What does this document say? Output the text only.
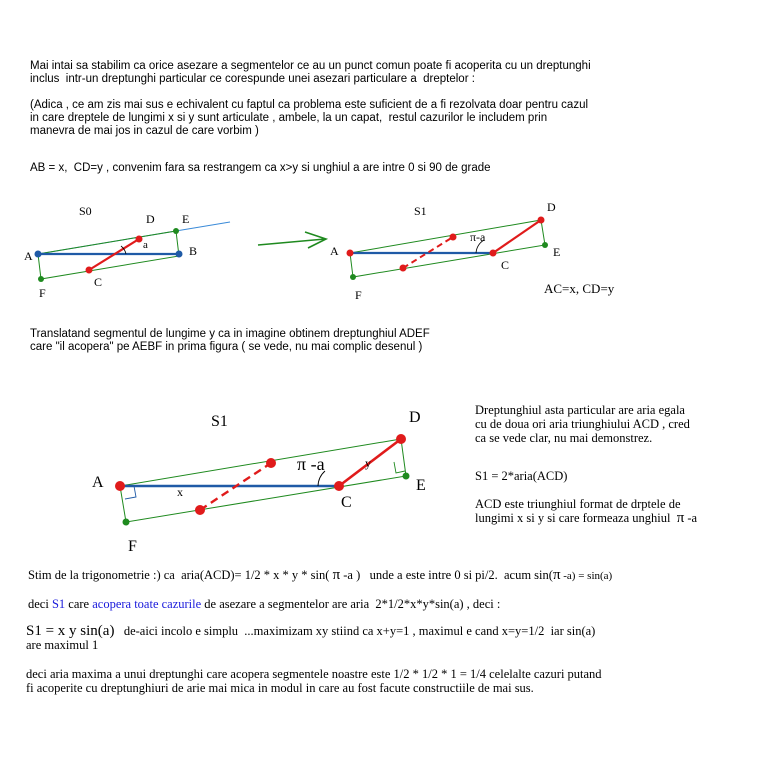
Mai intai sa stabilim ca orice asezare a segmentelor ce au un punct comun poate fi acoperita cu un dreptunghi
inclus  intr-un dreptunghi particular ce corespunde unei asezari particulare a  dreptelor :
(Adica , ce am zis mai sus e echivalent cu faptul ca problema este suficient de a fi rezolvata doar pentru cazul
in care dreptele de lungimi x si y sunt articulate , ambele, la un capat,  restul cazurilor le includem prin
manevra de mai jos in cazul de care vorbim )
AB = x,  CD=y , convenim fara sa restrangem ca x>y si unghiul a are intre 0 si 90 de grade
S0
A	B
C
D E
F
a
S1
A
C
D
E
F
π-a
AC=x, CD=y
Translatand segmentul de lungime y ca in imagine obtinem dreptunghiul ADEF
care "il acopera" pe AEBF in prima figura ( se vede, nu mai complic desenul )
S1
A
C
D
E
F
x
y
π -a
Dreptunghiul asta particular are aria egala
cu de doua ori aria triunghiului ACD , cred
ca se vede clar, nu mai demonstrez.
S1 = 2*aria(ACD)
ACD este triunghiul format de drptele de
lungimi x si y si care formeaza unghiul π -a
Stim de la trigonometrie :) ca  aria(ACD)= 1/2 * x * y * sin( π -a )   unde a este intre 0 si pi/2.  acum sin(π -a) = sin(a)
deci S1 care acopera toate cazurile de asezare a segmentelor are aria  2*1/2*x*y*sin(a) , deci :
S1 = x y sin(a)   de-aici incolo e simplu  ...maximizam xy stiind ca x+y=1 , maximul e cand x=y=1/2  iar sin(a)
are maximul 1
deci aria maxima a unui dreptunghi care acopera segmentele noastre este 1/2 * 1/2 * 1 = 1/4 celelalte cazuri putand
fi acoperite cu dreptunghiuri de arie mai mica in modul in care au fost facute constructiile de mai sus.
